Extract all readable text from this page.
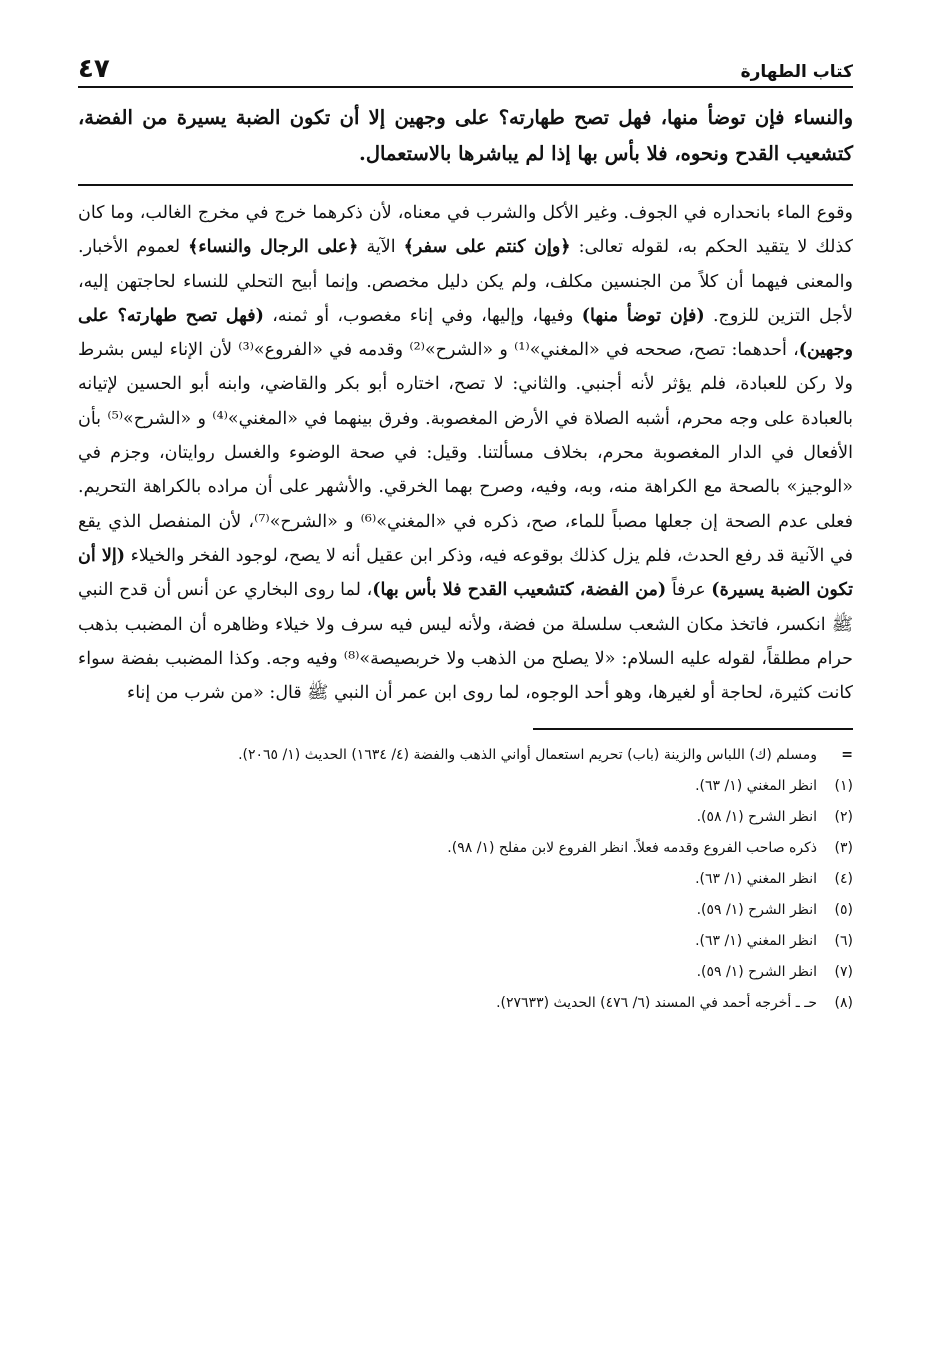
كتاب الطهارة
٤٧
والنساء فإن توضأ منها، فهل تصح طهارته؟ على وجهين إلا أن تكون الضبة يسيرة من الفضة، كتشعيب القدح ونحوه، فلا بأس بها إذا لم يباشرها بالاستعمال.
وقوع الماء بانحداره في الجوف. وغير الأكل والشرب في معناه، لأن ذكرهما خرج في مخرج الغالب، وما كان كذلك لا يتقيد الحكم به، لقوله تعالى: ﴿وإن كنتم على سفر﴾ الآية ﴿على الرجال والنساء﴾ لعموم الأخبار. والمعنى فيهما أن كلاً من الجنسين مكلف، ولم يكن دليل مخصص. وإنما أبيح التحلي للنساء لحاجتهن إليه، لأجل التزين للزوج. (فإن توضأ منها) وفيها، وإليها، وفي إناء مغصوب، أو ثمنه، (فهل تصح طهارته؟ على وجهين)، أحدهما: تصح، صححه في «المغني»⁽¹⁾ و «الشرح»⁽²⁾ وقدمه في «الفروع»⁽³⁾ لأن الإناء ليس بشرط ولا ركن للعبادة، فلم يؤثر لأنه أجنبي. والثاني: لا تصح، اختاره أبو بكر والقاضي، وابنه أبو الحسين لإتيانه بالعبادة على وجه محرم، أشبه الصلاة في الأرض المغصوبة. وفرق بينهما في «المغني»⁽⁴⁾ و «الشرح»⁽⁵⁾ بأن الأفعال في الدار المغصوبة محرم، بخلاف مسألتنا. وقيل: في صحة الوضوء والغسل روايتان، وجزم في «الوجيز» بالصحة مع الكراهة منه، وبه، وفيه، وصرح بهما الخرقي. والأشهر على أن مراده بالكراهة التحريم. فعلى عدم الصحة إن جعلها مصباً للماء، صح، ذكره في «المغني»⁽⁶⁾ و «الشرح»⁽⁷⁾، لأن المنفصل الذي يقع في الآنية قد رفع الحدث، فلم يزل كذلك بوقوعه فيه، وذكر ابن عقيل أنه لا يصح، لوجود الفخر والخيلاء (إلا أن تكون الضبة يسيرة) عرفاً (من الفضة، كتشعيب القدح فلا بأس بها)، لما روى البخاري عن أنس أن قدح النبي ﷺ انكسر، فاتخذ مكان الشعب سلسلة من فضة، ولأنه ليس فيه سرف ولا خيلاء وظاهره أن المضبب بذهب حرام مطلقاً، لقوله عليه السلام: «لا يصلح من الذهب ولا خربصيصة»⁽⁸⁾ وفيه وجه. وكذا المضبب بفضة سواء كانت كثيرة، لحاجة أو لغيرها، وهو أحد الوجوه، لما روى ابن عمر أن النبي ﷺ قال: «من شرب من إناء
=
ومسلم (ك) اللباس والزينة (باب) تحريم استعمال أواني الذهب والفضة (٤/ ١٦٣٤) الحديث (١/ ٢٠٦٥).
(١)
انظر المغني (١/ ٦٣).
(٢)
انظر الشرح (١/ ٥٨).
(٣)
ذكره صاحب الفروع وقدمه فعلاً. انظر الفروع لابن مفلح (١/ ٩٨).
(٤)
انظر المغني (١/ ٦٣).
(٥)
انظر الشرح (١/ ٥٩).
(٦)
انظر المغني (١/ ٦٣).
(٧)
انظر الشرح (١/ ٥٩).
(٨)
حـ ـ أخرجه أحمد في المسند (٦/ ٤٧٦) الحديث (٢٧٦٣٣).
